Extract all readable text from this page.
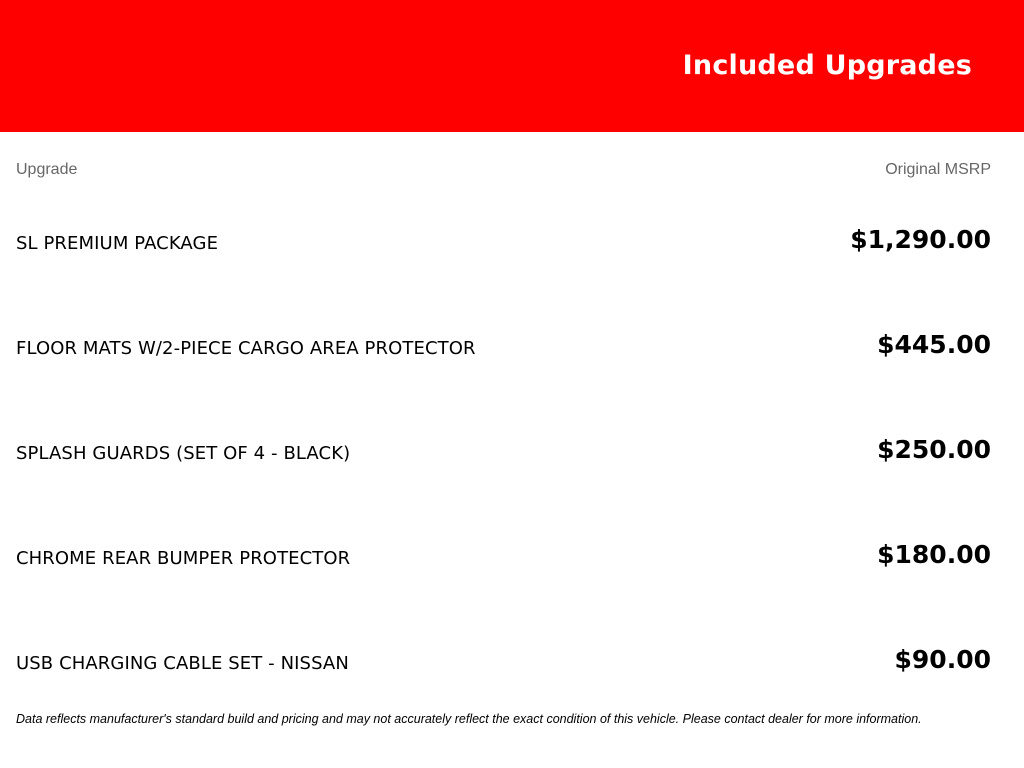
Included Upgrades
Upgrade	Original MSRP
SL PREMIUM PACKAGE	$1,290.00
FLOOR MATS W/2-PIECE CARGO AREA PROTECTOR	$445.00
SPLASH GUARDS (SET OF 4 - BLACK)	$250.00
CHROME REAR BUMPER PROTECTOR	$180.00
USB CHARGING CABLE SET - NISSAN	$90.00
Data reflects manufacturer's standard build and pricing and may not accurately reflect the exact condition of this vehicle. Please contact dealer for more information.
